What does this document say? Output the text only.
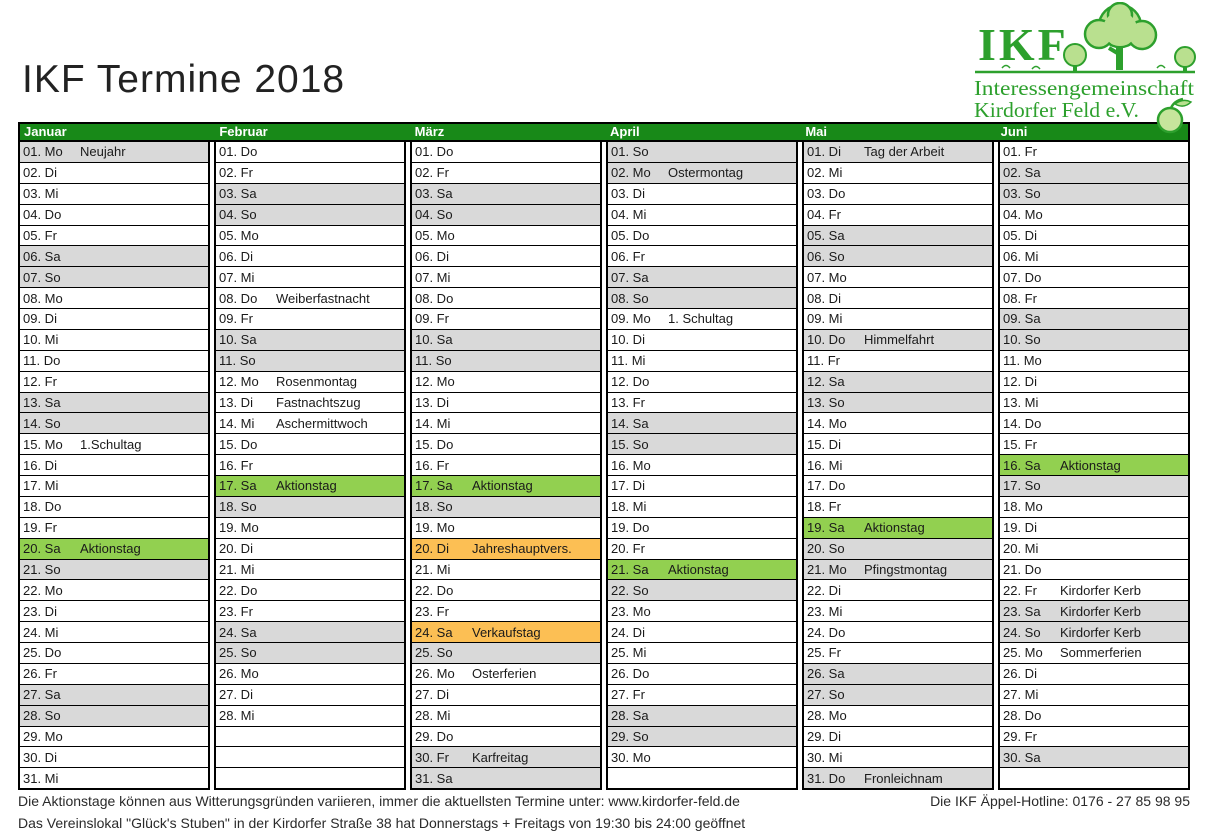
IKF Termine 2018
IKF
Interessengemeinschaft
Kirdorfer Feld e.V.
Januar	Februar	März	April	Mai	Juni
01. Mo	Neujahr
02. Di
03. Mi
04. Do
05. Fr
06. Sa
07. So
08. Mo
09. Di
10. Mi
11. Do
12. Fr
13. Sa
14. So
15. Mo	1.Schultag
16. Di
17. Mi
18. Do
19. Fr
20. Sa	Aktionstag
21. So
22. Mo
23. Di
24. Mi
25. Do
26. Fr
27. Sa
28. So
29. Mo
30. Di
31. Mi
01. Do
02. Fr
03. Sa
04. So
05. Mo
06. Di
07. Mi
08. Do	Weiberfastnacht
09. Fr
10. Sa
11. So
12. Mo	Rosenmontag
13. Di	Fastnachtszug
14. Mi	Aschermittwoch
15. Do
16. Fr
17. Sa	Aktionstag
18. So
19. Mo
20. Di
21. Mi
22. Do
23. Fr
24. Sa
25. So
26. Mo
27. Di
28. Mi
01. Do
02. Fr
03. Sa
04. So
05. Mo
06. Di
07. Mi
08. Do
09. Fr
10. Sa
11. So
12. Mo
13. Di
14. Mi
15. Do
16. Fr
17. Sa	Aktionstag
18. So
19. Mo
20. Di	Jahreshauptvers.
21. Mi
22. Do
23. Fr
24. Sa	Verkaufstag
25. So
26. Mo	Osterferien
27. Di
28. Mi
29. Do
30. Fr	Karfreitag
31. Sa
01. So
02. Mo	Ostermontag
03. Di
04. Mi
05. Do
06. Fr
07. Sa
08. So
09. Mo	1. Schultag
10. Di
11. Mi
12. Do
13. Fr
14. Sa
15. So
16. Mo
17. Di
18. Mi
19. Do
20. Fr
21. Sa	Aktionstag
22. So
23. Mo
24. Di
25. Mi
26. Do
27. Fr
28. Sa
29. So
30. Mo
01. Di	Tag der Arbeit
02. Mi
03. Do
04. Fr
05. Sa
06. So
07. Mo
08. Di
09. Mi
10. Do	Himmelfahrt
11. Fr
12. Sa
13. So
14. Mo
15. Di
16. Mi
17. Do
18. Fr
19. Sa	Aktionstag
20. So
21. Mo	Pfingstmontag
22. Di
23. Mi
24. Do
25. Fr
26. Sa
27. So
28. Mo
29. Di
30. Mi
31. Do	Fronleichnam
01. Fr
02. Sa
03. So
04. Mo
05. Di
06. Mi
07. Do
08. Fr
09. Sa
10. So
11. Mo
12. Di
13. Mi
14. Do
15. Fr
16. Sa	Aktionstag
17. So
18. Mo
19. Di
20. Mi
21. Do
22. Fr	Kirdorfer Kerb
23. Sa	Kirdorfer Kerb
24. So	Kirdorfer Kerb
25. Mo	Sommerferien
26. Di
27. Mi
28. Do
29. Fr
30. Sa
Die Aktionstage können aus Witterungsgründen variieren, immer die aktuellsten Termine unter: www.kirdorfer-feld.de	Die IKF Äppel-Hotline: 0176 - 27 85 98 95
Das Vereinslokal "Glück's Stuben" in der Kirdorfer Straße 38 hat Donnerstags + Freitags von 19:30 bis 24:00 geöffnet
